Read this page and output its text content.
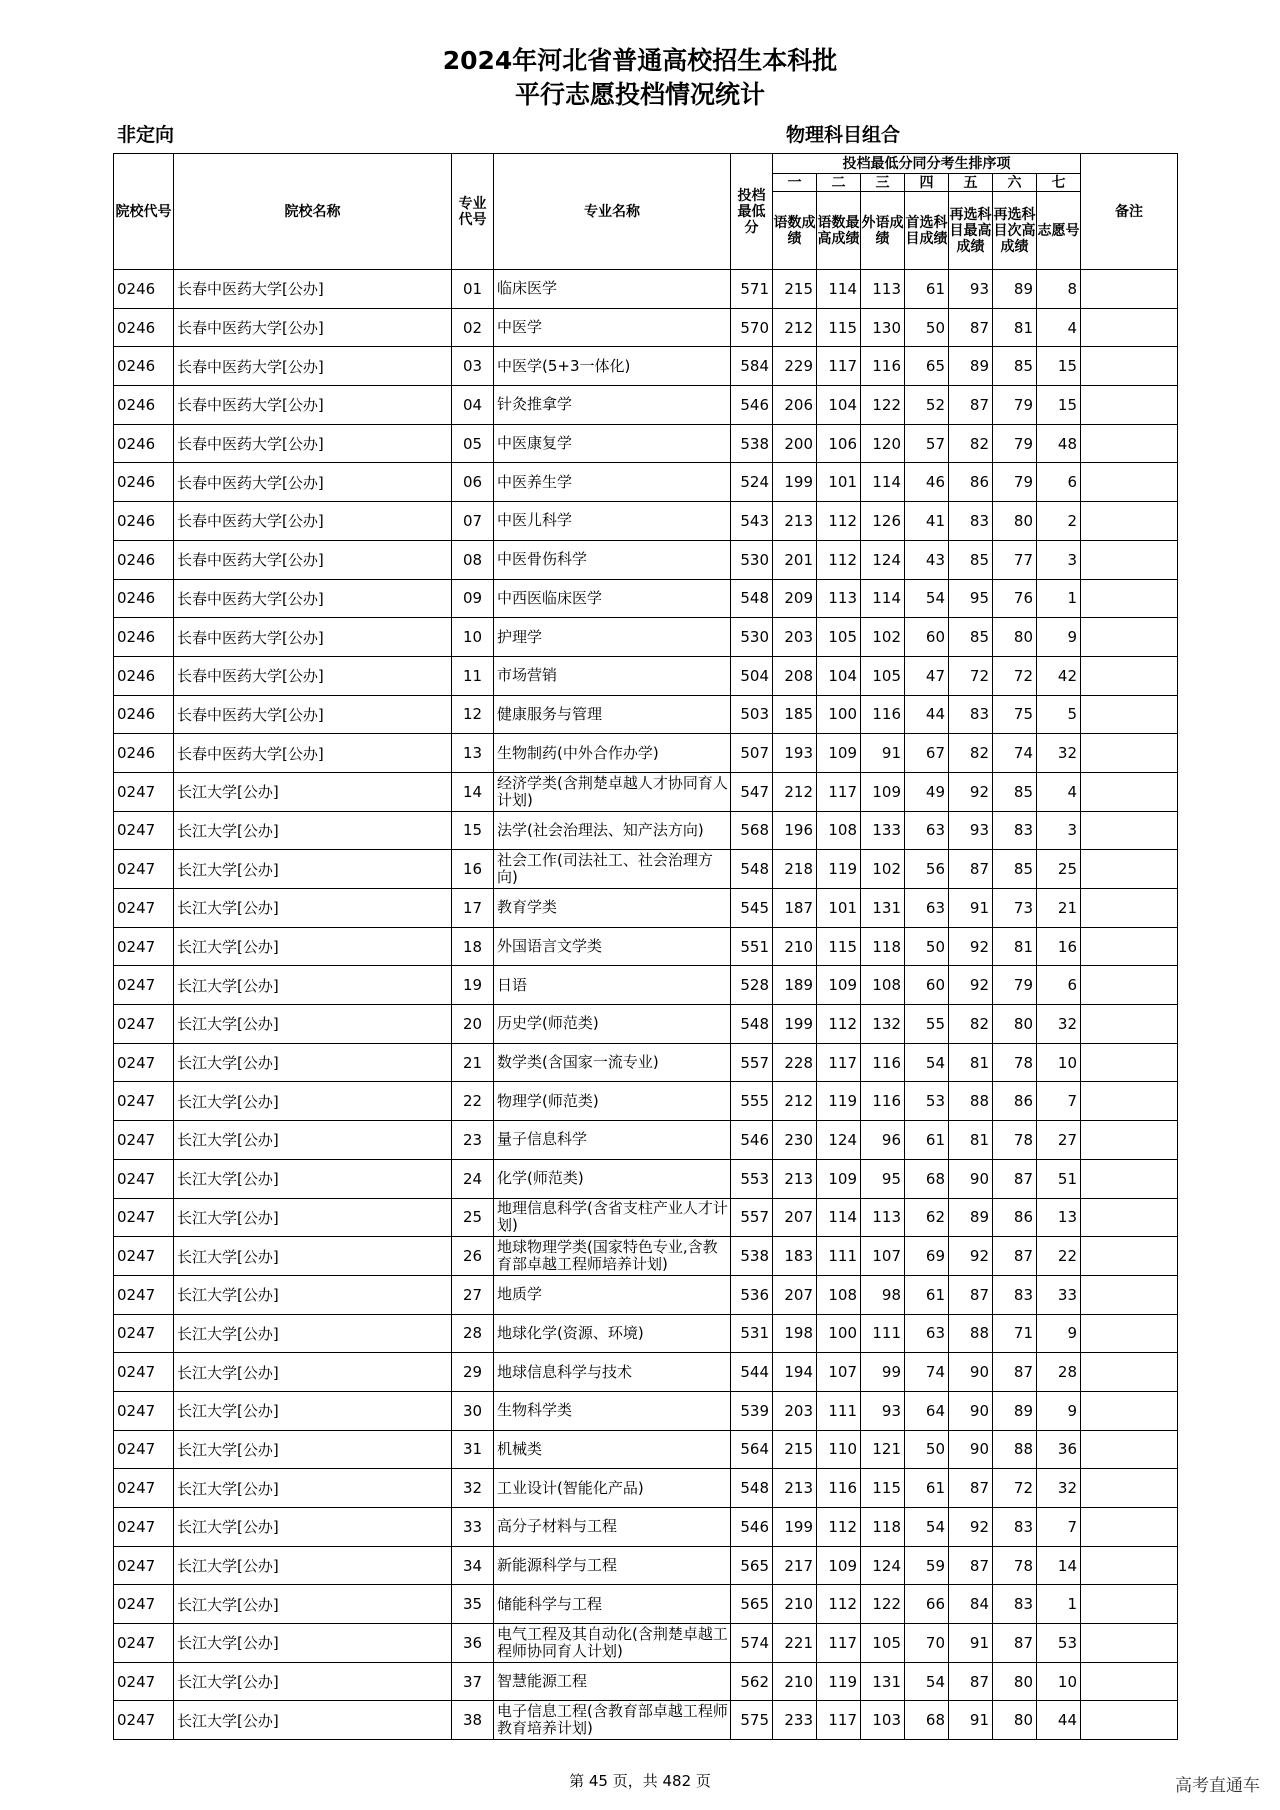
2024年河北省普通高校招生本科批
平行志愿投档情况统计
非定向	物理科目组合
院校代号	院校名称	专业代号	专业名称	投档最低分	投档最低分同分考生排序项							备注
					一	二	三	四	五	六	七	
					语数成绩	语数最高成绩	外语成绩	首选科目成绩	再选科目最高成绩	再选科目次高成绩	志愿号	
0246	长春中医药大学[公办]	01	临床医学	571	215	114	113	61	93	89	8	
0246	长春中医药大学[公办]	02	中医学	570	212	115	130	50	87	81	4	
0246	长春中医药大学[公办]	03	中医学(5+3一体化)	584	229	117	116	65	89	85	15	
0246	长春中医药大学[公办]	04	针灸推拿学	546	206	104	122	52	87	79	15	
0246	长春中医药大学[公办]	05	中医康复学	538	200	106	120	57	82	79	48	
0246	长春中医药大学[公办]	06	中医养生学	524	199	101	114	46	86	79	6	
0246	长春中医药大学[公办]	07	中医儿科学	543	213	112	126	41	83	80	2	
0246	长春中医药大学[公办]	08	中医骨伤科学	530	201	112	124	43	85	77	3	
0246	长春中医药大学[公办]	09	中西医临床医学	548	209	113	114	54	95	76	1	
0246	长春中医药大学[公办]	10	护理学	530	203	105	102	60	85	80	9	
0246	长春中医药大学[公办]	11	市场营销	504	208	104	105	47	72	72	42	
0246	长春中医药大学[公办]	12	健康服务与管理	503	185	100	116	44	83	75	5	
0246	长春中医药大学[公办]	13	生物制药(中外合作办学)	507	193	109	91	67	82	74	32	
0247	长江大学[公办]	14	经济学类(含荆楚卓越人才协同育人计划)	547	212	117	109	49	92	85	4	
0247	长江大学[公办]	15	法学(社会治理法、知产法方向)	568	196	108	133	63	93	83	3	
0247	长江大学[公办]	16	社会工作(司法社工、社会治理方向)	548	218	119	102	56	87	85	25	
0247	长江大学[公办]	17	教育学类	545	187	101	131	63	91	73	21	
0247	长江大学[公办]	18	外国语言文学类	551	210	115	118	50	92	81	16	
0247	长江大学[公办]	19	日语	528	189	109	108	60	92	79	6	
0247	长江大学[公办]	20	历史学(师范类)	548	199	112	132	55	82	80	32	
0247	长江大学[公办]	21	数学类(含国家一流专业)	557	228	117	116	54	81	78	10	
0247	长江大学[公办]	22	物理学(师范类)	555	212	119	116	53	88	86	7	
0247	长江大学[公办]	23	量子信息科学	546	230	124	96	61	81	78	27	
0247	长江大学[公办]	24	化学(师范类)	553	213	109	95	68	90	87	51	
0247	长江大学[公办]	25	地理信息科学(含省支柱产业人才计划)	557	207	114	113	62	89	86	13	
0247	长江大学[公办]	26	地球物理学类(国家特色专业,含教育部卓越工程师培养计划)	538	183	111	107	69	92	87	22	
0247	长江大学[公办]	27	地质学	536	207	108	98	61	87	83	33	
0247	长江大学[公办]	28	地球化学(资源、环境)	531	198	100	111	63	88	71	9	
0247	长江大学[公办]	29	地球信息科学与技术	544	194	107	99	74	90	87	28	
0247	长江大学[公办]	30	生物科学类	539	203	111	93	64	90	89	9	
0247	长江大学[公办]	31	机械类	564	215	110	121	50	90	88	36	
0247	长江大学[公办]	32	工业设计(智能化产品)	548	213	116	115	61	87	72	32	
0247	长江大学[公办]	33	高分子材料与工程	546	199	112	118	54	92	83	7	
0247	长江大学[公办]	34	新能源科学与工程	565	217	109	124	59	87	78	14	
0247	长江大学[公办]	35	储能科学与工程	565	210	112	122	66	84	83	1	
0247	长江大学[公办]	36	电气工程及其自动化(含荆楚卓越工程师协同育人计划)	574	221	117	105	70	91	87	53	
0247	长江大学[公办]	37	智慧能源工程	562	210	119	131	54	87	80	10	
0247	长江大学[公办]	38	电子信息工程(含教育部卓越工程师教育培养计划)	575	233	117	103	68	91	80	44	
第 45 页，共 482 页	高考直通车
